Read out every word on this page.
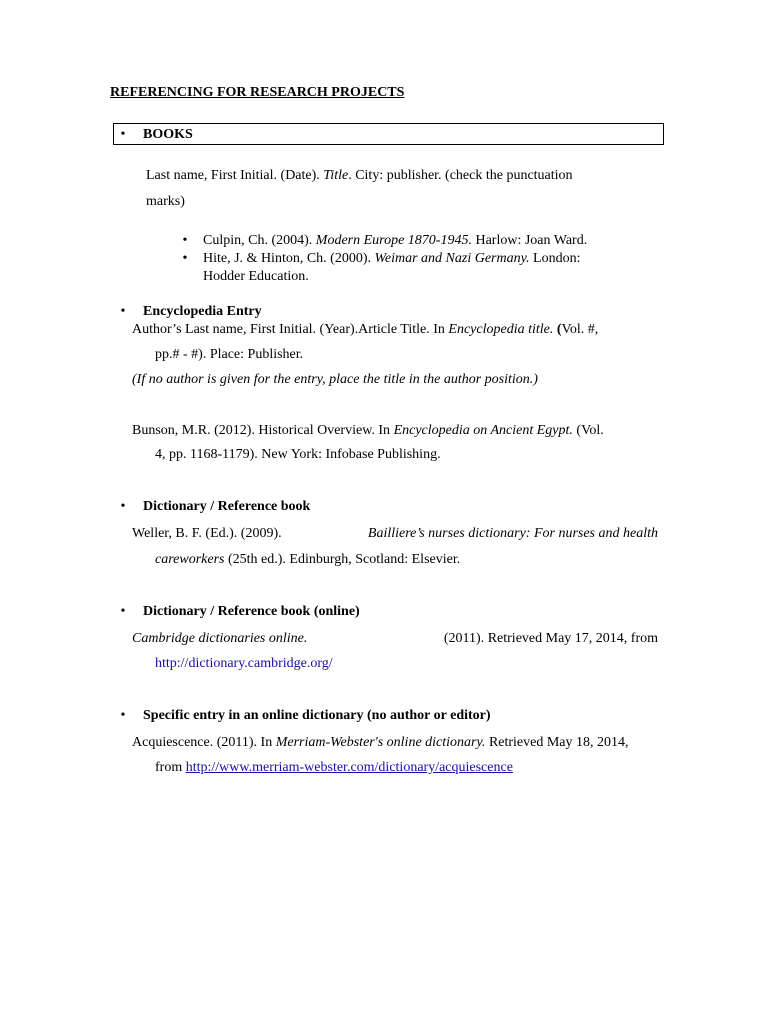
REFERENCING FOR RESEARCH PROJECTS
• BOOKS
Last name, First Initial. (Date). Title. City: publisher. (check the punctuation
marks)
• Culpin, Ch. (2004). Modern Europe 1870-1945. Harlow: Joan Ward.
• Hite, J. & Hinton, Ch. (2000). Weimar and Nazi Germany. London:
Hodder Education.
• Encyclopedia Entry
Author’s Last name, First Initial. (Year).Article Title. In Encyclopedia title. (Vol. #,
pp.# - #). Place: Publisher.
(If no author is given for the entry, place the title in the author position.)
Bunson, M.R. (2012). Historical Overview. In Encyclopedia on Ancient Egypt. (Vol.
4, pp. 1168-1179). New York: Infobase Publishing.
• Dictionary / Reference book
Weller, B. F. (Ed.). (2009).	Bailliere’s nurses dictionary: For nurses and health
careworkers (25th ed.). Edinburgh, Scotland: Elsevier.
• Dictionary / Reference book (online)
Cambridge dictionaries online.	(2011). Retrieved May 17, 2014, from
http://dictionary.cambridge.org/
• Specific entry in an online dictionary (no author or editor)
Acquiescence. (2011). In Merriam-Webster's online dictionary. Retrieved May 18, 2014,
from http://www.merriam-webster.com/dictionary/acquiescence
